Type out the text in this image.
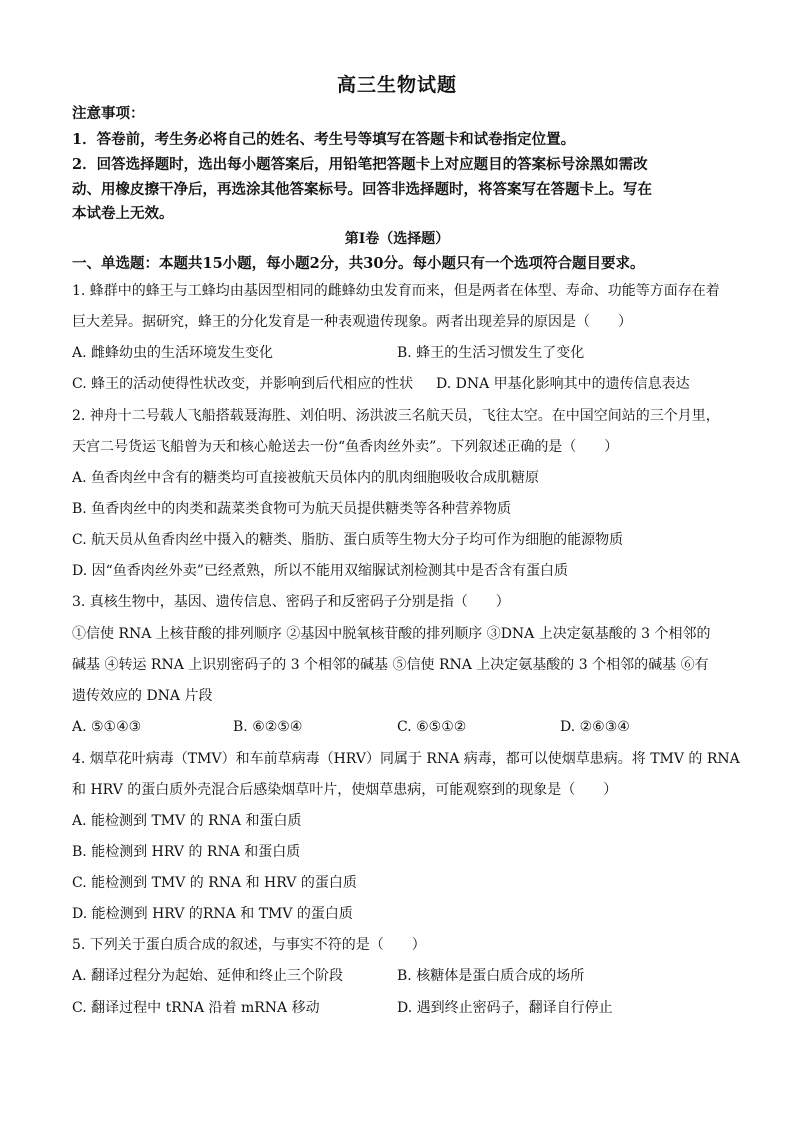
高三生物试题
注意事项：
1．答卷前，考生务必将自己的姓名、考生号等填写在答题卡和试卷指定位置。
2．回答选择题时，选出每小题答案后，用铅笔把答题卡上对应题目的答案标号涂黑如需改
动、用橡皮擦干净后，再选涂其他答案标号。回答非选择题时，将答案写在答题卡上。写在
本试卷上无效。
第Ⅰ卷（选择题）
一、单选题：本题共15小题，每小题2分，共30分。每小题只有一个选项符合题目要求。
1. 蜂群中的蜂王与工蜂均由基因型相同的雌蜂幼虫发育而来，但是两者在体型、寿命、功能等方面存在着
巨大差异。据研究，蜂王的分化发育是一种表观遗传现象。两者出现差异的原因是（　　）
A. 雌蜂幼虫的生活环境发生变化	B. 蜂王的生活习惯发生了变化
C. 蜂王的活动使得性状改变，并影响到后代相应的性状 D. DNA 甲基化影响其中的遗传信息表达
2. 神舟十二号载人飞船搭载聂海胜、刘伯明、汤洪波三名航天员，飞往太空。在中国空间站的三个月里，
天宫二号货运飞船曾为天和核心舱送去一份“鱼香肉丝外卖”。下列叙述正确的是（　　）
A. 鱼香肉丝中含有的糖类均可直接被航天员体内的肌肉细胞吸收合成肌糖原
B. 鱼香肉丝中的肉类和蔬菜类食物可为航天员提供糖类等各种营养物质
C. 航天员从鱼香肉丝中摄入的糖类、脂肪、蛋白质等生物大分子均可作为细胞的能源物质
D. 因“鱼香肉丝外卖”已经煮熟，所以不能用双缩脲试剂检测其中是否含有蛋白质
3. 真核生物中，基因、遗传信息、密码子和反密码子分别是指（　　）
①信使 RNA 上核苷酸的排列顺序 ②基因中脱氧核苷酸的排列顺序 ③DNA 上决定氨基酸的 3 个相邻的
碱基 ④转运 RNA 上识别密码子的 3 个相邻的碱基 ⑤信使 RNA 上决定氨基酸的 3 个相邻的碱基 ⑥有
遗传效应的 DNA 片段
A. ⑤①④③	B. ⑥②⑤④	C. ⑥⑤①②	D. ②⑥③④
4. 烟草花叶病毒（TMV）和车前草病毒（HRV）同属于 RNA 病毒，都可以使烟草患病。将 TMV 的 RNA
和 HRV 的蛋白质外壳混合后感染烟草叶片，使烟草患病，可能观察到的现象是（　　）
A. 能检测到 TMV 的 RNA 和蛋白质
B. 能检测到 HRV 的 RNA 和蛋白质
C. 能检测到 TMV 的 RNA 和 HRV 的蛋白质
D. 能检测到 HRV 的RNA 和 TMV 的蛋白质
5. 下列关于蛋白质合成的叙述，与事实不符的是（　　）
A. 翻译过程分为起始、延伸和终止三个阶段	B. 核糖体是蛋白质合成的场所
C. 翻译过程中 tRNA 沿着 mRNA 移动	D. 遇到终止密码子，翻译自行停止
